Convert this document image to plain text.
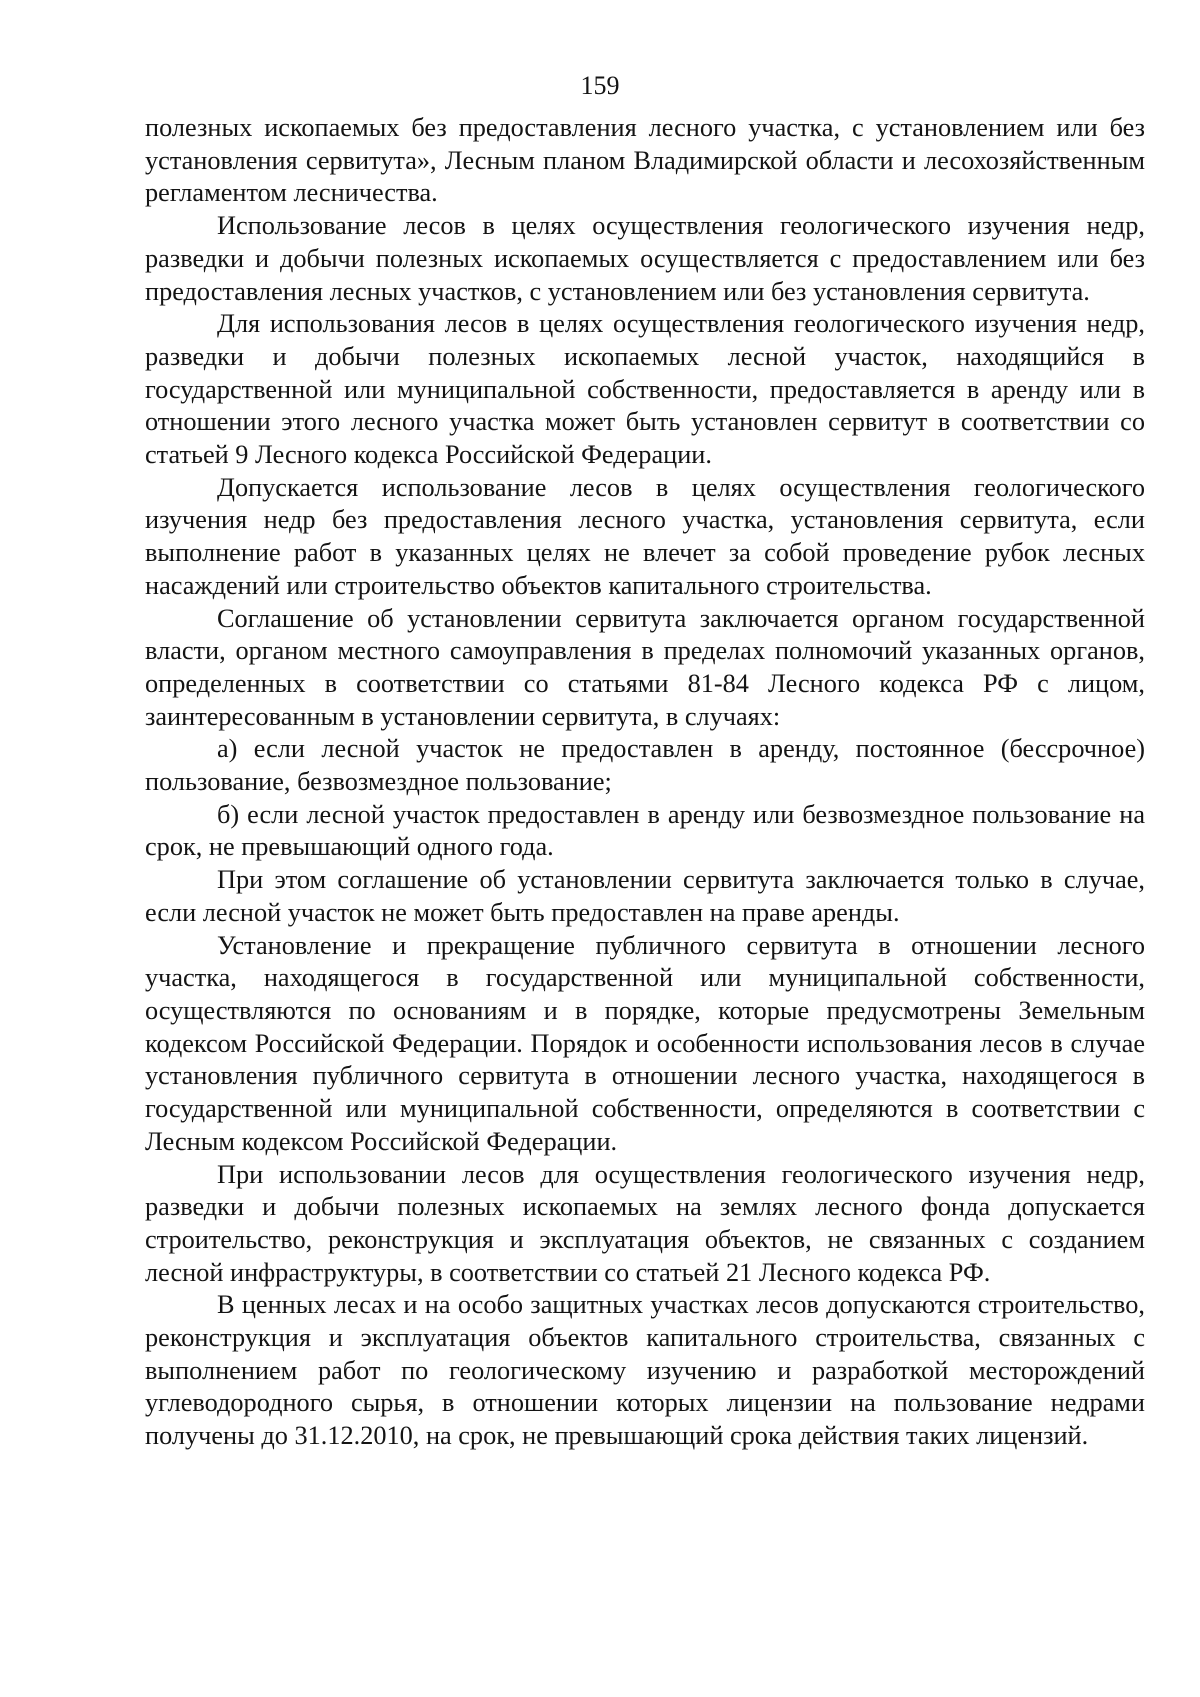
159

полезных ископаемых без предоставления лесного участка, с установлением или без установления сервитута», Лесным планом Владимирской области и лесохозяйственным регламентом лесничества.

Использование лесов в целях осуществления геологического изучения недр, разведки и добычи полезных ископаемых осуществляется с предоставлением или без предоставления лесных участков, с установлением или без установления сервитута.

Для использования лесов в целях осуществления геологического изучения недр, разведки и добычи полезных ископаемых лесной участок, находящийся в государственной или муниципальной собственности, предоставляется в аренду или в отношении этого лесного участка может быть установлен сервитут в соответствии со статьей 9 Лесного кодекса Российской Федерации.

Допускается использование лесов в целях осуществления геологического изучения недр без предоставления лесного участка, установления сервитута, если выполнение работ в указанных целях не влечет за собой проведение рубок лесных насаждений или строительство объектов капитального строительства.

Соглашение об установлении сервитута заключается органом государственной власти, органом местного самоуправления в пределах полномочий указанных органов, определенных в соответствии со статьями 81-84 Лесного кодекса РФ с лицом, заинтересованным в установлении сервитута, в случаях:

а) если лесной участок не предоставлен в аренду, постоянное (бессрочное) пользование, безвозмездное пользование;

б) если лесной участок предоставлен в аренду или безвозмездное пользование на срок, не превышающий одного года.

При этом соглашение об установлении сервитута заключается только в случае, если лесной участок не может быть предоставлен на праве аренды.

Установление и прекращение публичного сервитута в отношении лесного участка, находящегося в государственной или муниципальной собственности, осуществляются по основаниям и в порядке, которые предусмотрены Земельным кодексом Российской Федерации. Порядок и особенности использования лесов в случае установления публичного сервитута в отношении лесного участка, находящегося в государственной или муниципальной собственности, определяются в соответствии с Лесным кодексом Российской Федерации.

При использовании лесов для осуществления геологического изучения недр, разведки и добычи полезных ископаемых на землях лесного фонда допускается строительство, реконструкция и эксплуатация объектов, не связанных с созданием лесной инфраструктуры, в соответствии со статьей 21 Лесного кодекса РФ.

В ценных лесах и на особо защитных участках лесов допускаются строительство, реконструкция и эксплуатация объектов капитального строительства, связанных с выполнением работ по геологическому изучению и разработкой месторождений углеводородного сырья, в отношении которых лицензии на пользование недрами получены до 31.12.2010, на срок, не превышающий срока действия таких лицензий.
